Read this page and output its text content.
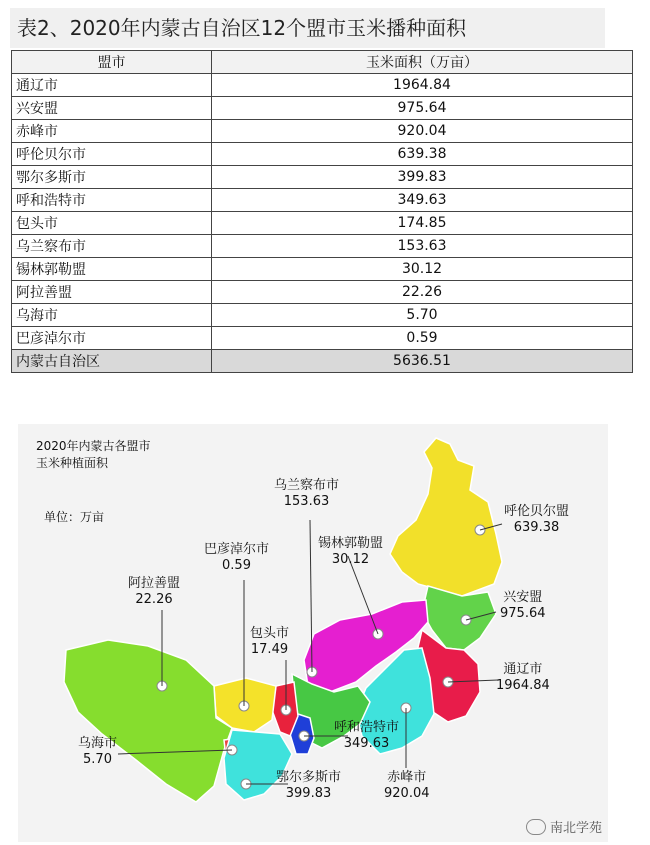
表2、2020年内蒙古自治区12个盟市玉米播种面积
盟市	玉米面积（万亩）
通辽市	1964.84
兴安盟	975.64
赤峰市	920.04
呼伦贝尔市	639.38
鄂尔多斯市	399.83
呼和浩特市	349.63
包头市	174.85
乌兰察布市	153.63
锡林郭勒盟	30.12
阿拉善盟	22.26
乌海市	5.70
巴彦淖尔市	0.59
内蒙古自治区	5636.51
2020年内蒙古各盟市
玉米种植面积
单位：万亩	呼伦贝尔盟
639.38
兴安盟
975.64
通辽市
1964.84
赤峰市
920.04
锡林郭勒盟
30.12
乌兰察布市
153.63
呼和浩特市
349.63
包头市
17.49
巴彦淖尔市
0.59
阿拉善盟
22.26
乌海市
5.70
鄂尔多斯市
399.83
南北学苑
